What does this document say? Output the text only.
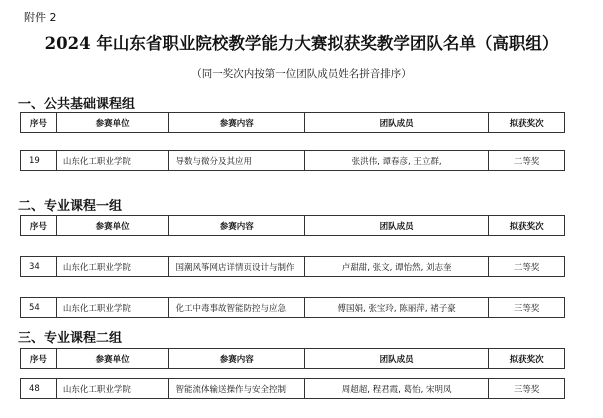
附件 2
2024 年山东省职业院校教学能力大赛拟获奖教学团队名单（高职组）
（同一奖次内按第一位团队成员姓名拼音排序）
一、公共基础课程组
序号	参赛单位	参赛内容	团队成员	拟获奖次
19	山东化工职业学院	导数与微分及其应用	张洪伟, 谭春彦, 王立群,	二等奖
二、专业课程一组
序号	参赛单位	参赛内容	团队成员	拟获奖次
34	山东化工职业学院	国潮风筝网店详情页设计与制作	卢甜甜, 张文, 谭怡然, 刘志奎	二等奖
54	山东化工职业学院	化工中毒事故智能防控与应急	傅国娟, 张宝玲, 陈丽萍, 褚子豪	三等奖
三、专业课程二组
序号	参赛单位	参赛内容	团队成员	拟获奖次
48	山东化工职业学院	智能流体输送操作与安全控制	周超超, 程君霞, 葛怡, 宋明凤	三等奖
